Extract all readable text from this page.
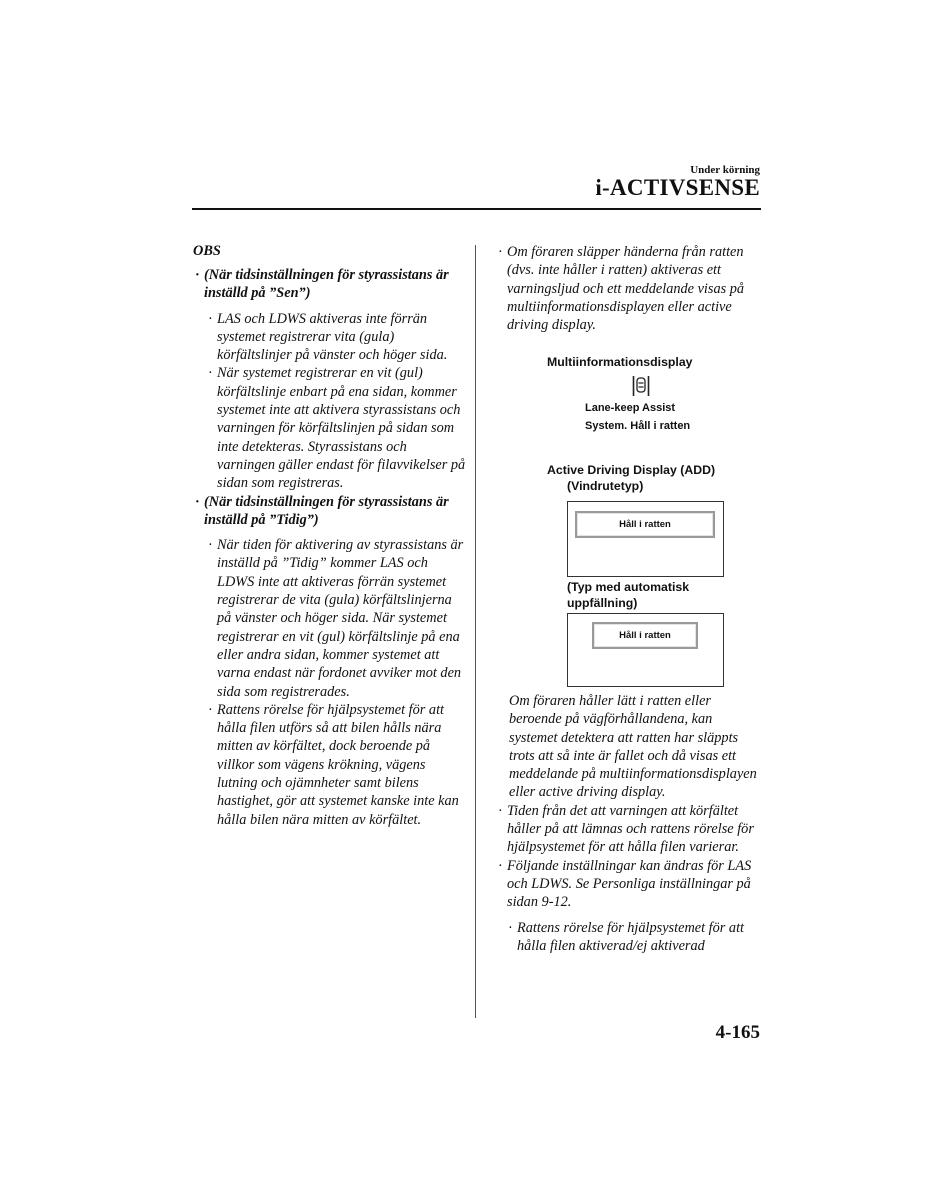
Under körning
i-ACTIVSENSE

OBS

· (När tidsinställningen för styrassistans är inställd på ”Sen”)

· LAS och LDWS aktiveras inte förrän systemet registrerar vita (gula) körfältslinjer på vänster och höger sida.

· När systemet registrerar en vit (gul) körfältslinje enbart på ena sidan, kommer systemet inte att aktivera styrassistans och varningen för körfältslinjen på sidan som inte detekteras. Styrassistans och varningen gäller endast för filavvikelser på sidan som registreras.

· (När tidsinställningen för styrassistans är inställd på ”Tidig”)

· När tiden för aktivering av styrassistans är inställd på ”Tidig” kommer LAS och LDWS inte att aktiveras förrän systemet registrerar de vita (gula) körfältslinjerna på vänster och höger sida. När systemet registrerar en vit (gul) körfältslinje på ena eller andra sidan, kommer systemet att varna endast när fordonet avviker mot den sida som registrerades.

· Rattens rörelse för hjälpsystemet för att hålla filen utförs så att bilen hålls nära mitten av körfältet, dock beroende på villkor som vägens krökning, vägens lutning och ojämnheter samt bilens hastighet, gör att systemet kanske inte kan hålla bilen nära mitten av körfältet.

· Om föraren släpper händerna från ratten (dvs. inte håller i ratten) aktiveras ett varningsljud och ett meddelande visas på multiinformationsdisplayen eller active driving display.

Multiinformationsdisplay
Lane-keep Assist
System. Håll i ratten
Active Driving Display (ADD)
(Vindrutetyp)
Håll i ratten
(Typ med automatisk
uppfällning)
Håll i ratten

Om föraren håller lätt i ratten eller beroende på vägförhållandena, kan systemet detektera att ratten har släppts trots att så inte är fallet och då visas ett meddelande på multiinformationsdisplayen eller active driving display.

· Tiden från det att varningen att körfältet håller på att lämnas och rattens rörelse för hjälpsystemet för att hålla filen varierar.

· Följande inställningar kan ändras för LAS och LDWS. Se Personliga inställningar på sidan 9-12.

· Rattens rörelse för hjälpsystemet för att hålla filen aktiverad/ej aktiverad

4-165
